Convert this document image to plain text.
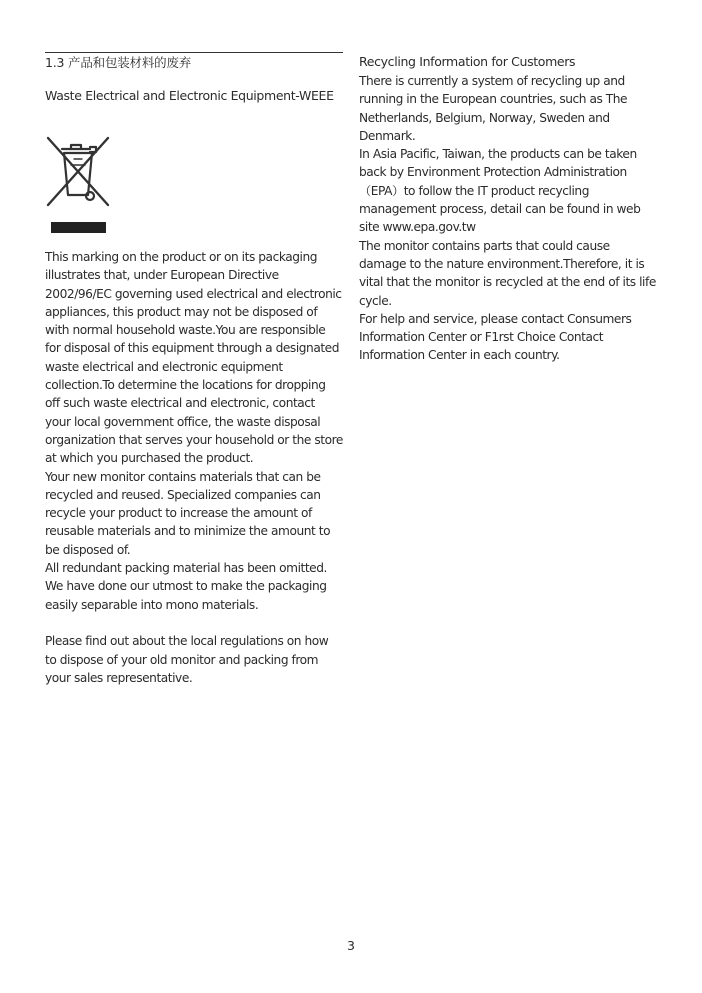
1.3 产品和包装材料的废弃
Waste Electrical and Electronic Equipment-WEEE

This marking on the product or on its packaging illustrates that, under European Directive 2002/96/EC governing used electrical and electronic appliances, this product may not be disposed of with normal household waste.You are responsible for disposal of this equipment through a designated waste electrical and electronic equipment collection.To determine the locations for dropping off such waste electrical and electronic, contact your local government office, the waste disposal organization that serves your household or the store at which you purchased the product.

Your new monitor contains materials that can be recycled and reused. Specialized companies can recycle your product to increase the amount of reusable materials and to minimize the amount to be disposed of.

All redundant packing material has been omitted. We have done our utmost to make the packaging easily separable into mono materials.

Please find out about the local regulations on how to dispose of your old monitor and packing from your sales representative.

Recycling Information for Customers

There is currently a system of recycling up and running in the European countries, such as The Netherlands, Belgium, Norway, Sweden and Denmark.

In Asia Pacific, Taiwan, the products can be taken back by Environment Protection Administration （EPA）to follow the IT product recycling management process, detail can be found in web site www.epa.gov.tw

The monitor contains parts that could cause damage to the nature environment.Therefore, it is vital that the monitor is recycled at the end of its life cycle.

For help and service, please contact Consumers Information Center or F1rst Choice Contact Information Center in each country.

3
